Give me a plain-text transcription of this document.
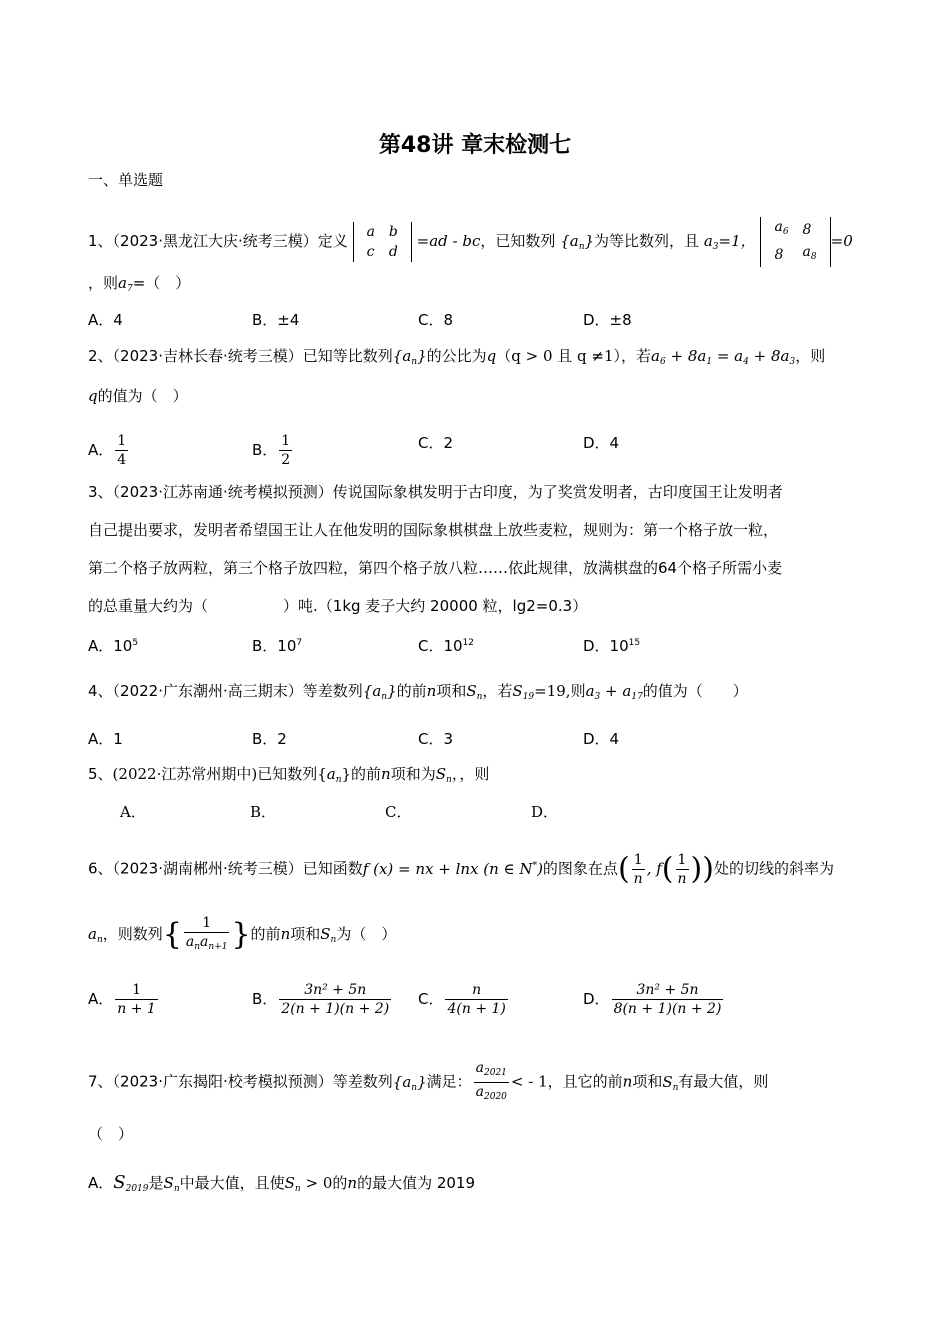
第48讲 章末检测七
一、单选题
1、（2023·黑龙江大庆·统考三模）定义 a	b
c	d
=ad - bc，已知数列 $\{a_n\}$为等比数列，且 $a_3=1$，
$a_6$	8
8	$a_8$
=0
，则$a_7=$（　）
A．4	B．±4	C．8	D．±8
2、（2023·吉林长春·统考三模）已知等比数列$\{a_n\}$的公比为q（q > 0 且 q ≠1），若$a_6 + 8a_1 = a_4 + 8a_3$，则
q的值为（　）
A． $\frac{1}{4}$	B． $\frac{1}{2}$	C．2	D．4
3、（2023·江苏南通·统考模拟预测）传说国际象棋发明于古印度，为了奖赏发明者，古印度国王让发明者
自己提出要求，发明者希望国王让人在他发明的国际象棋棋盘上放些麦粒，规则为：第一个格子放一粒，
第二个格子放两粒，第三个格子放四粒，第四个格子放八粒……依此规律，放满棋盘的64个格子所需小麦
的总重量大约为（　　　　　）吨.（1kg 麦子大约 20000 粒，lg2=0.3）
A．$10^5$	B．$10^7$	C．$10^{12}$	D．$10^{15}$
4、（2022·广东潮州·高三期末）等差数列$\{a_n\}$的前n项和$S_n$，若$S_{19}=19$,则$a_3 + a_{17}$的值为（　　）
A．1	B．2	C．3	D．4
5、(2022·江苏常州期中)已知数列$\{a_n\}$的前n项和为$S_n$，，则
A．	B．	C．	D．
6、（2023·湖南郴州·统考三模）已知函数f (x) = nx + lnx (n ∈ N*)的图象在点( $\frac{1}{n}$ , $f( \frac{1}{n}$ ))处的切线的斜率为
$a_n$，则数列{ $\frac{1}{a_na_{n+1}}$ }的前n项和$S_n$为（　）
A． $\frac{1}{n + 1}$	B． $\frac{\text{3n² + 5n}}{2(n + 1)(n + 2)}$ C． $\frac{n}{4(n + 1)}$	D． $\frac{\text{3n² + 5n}}{8(n + 1)(n + 2)}$
7、（2023·广东揭阳·校考模拟预测）等差数列$\{a_n\}$满足： $\frac{a_{2021}}{a_{2020}}$ < - 1，且它的前n项和$S_n$有最大值，则
（　）
A．$S_{2019}$是$S_n$中最大值，且使$S_n > 0$的n的最大值为 2019
